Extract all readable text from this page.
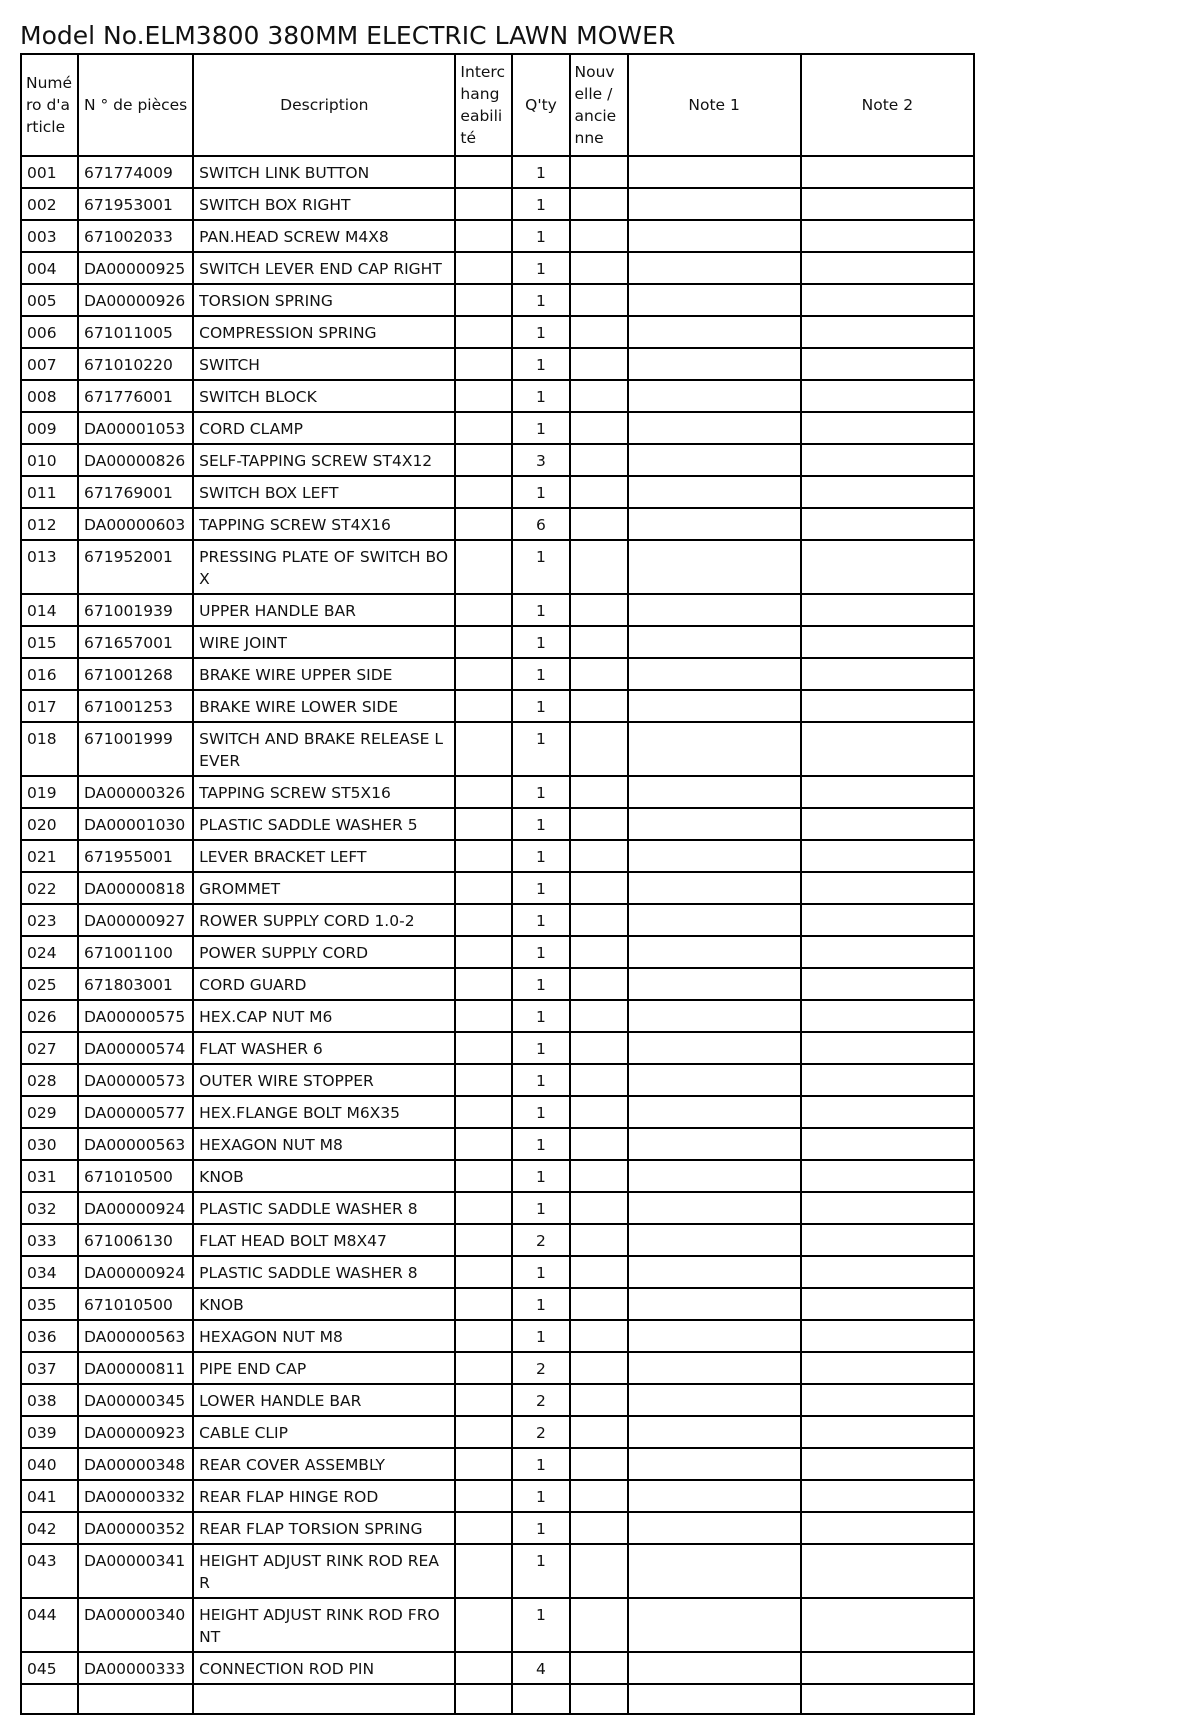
Model No.ELM3800 380MM ELECTRIC LAWN MOWER
Numéro d'article	N ° de pièces	Description	Interchangeabilité	Q'ty	Nouvelle / ancienne	Note 1	Note 2
001	671774009	SWITCH LINK BUTTON		1			
002	671953001	SWITCH BOX RIGHT		1			
003	671002033	PAN.HEAD SCREW M4X8		1			
004	DA00000925	SWITCH LEVER END CAP RIGHT		1			
005	DA00000926	TORSION SPRING		1			
006	671011005	COMPRESSION SPRING		1			
007	671010220	SWITCH		1			
008	671776001	SWITCH BLOCK		1			
009	DA00001053	CORD CLAMP		1			
010	DA00000826	SELF-TAPPING SCREW ST4X12		3			
011	671769001	SWITCH BOX LEFT		1			
012	DA00000603	TAPPING SCREW ST4X16		6			
013	671952001	PRESSING PLATE OF SWITCH BOX		1			
014	671001939	UPPER HANDLE BAR		1			
015	671657001	WIRE JOINT		1			
016	671001268	BRAKE WIRE UPPER SIDE		1			
017	671001253	BRAKE WIRE LOWER SIDE		1			
018	671001999	SWITCH AND BRAKE RELEASE LEVER		1			
019	DA00000326	TAPPING SCREW ST5X16		1			
020	DA00001030	PLASTIC SADDLE WASHER 5		1			
021	671955001	LEVER BRACKET LEFT		1			
022	DA00000818	GROMMET		1			
023	DA00000927	ROWER SUPPLY CORD 1.0-2		1			
024	671001100	POWER SUPPLY CORD		1			
025	671803001	CORD GUARD		1			
026	DA00000575	HEX.CAP NUT M6		1			
027	DA00000574	FLAT WASHER 6		1			
028	DA00000573	OUTER WIRE STOPPER		1			
029	DA00000577	HEX.FLANGE BOLT M6X35		1			
030	DA00000563	HEXAGON NUT M8		1			
031	671010500	KNOB		1			
032	DA00000924	PLASTIC SADDLE WASHER 8		1			
033	671006130	FLAT HEAD BOLT M8X47		2			
034	DA00000924	PLASTIC SADDLE WASHER 8		1			
035	671010500	KNOB		1			
036	DA00000563	HEXAGON NUT M8		1			
037	DA00000811	PIPE END CAP		2			
038	DA00000345	LOWER HANDLE BAR		2			
039	DA00000923	CABLE CLIP		2			
040	DA00000348	REAR COVER ASSEMBLY		1			
041	DA00000332	REAR FLAP HINGE ROD		1			
042	DA00000352	REAR FLAP TORSION SPRING		1			
043	DA00000341	HEIGHT ADJUST RINK ROD REAR		1			
044	DA00000340	HEIGHT ADJUST RINK ROD FRONT		1			
045	DA00000333	CONNECTION ROD PIN		4			
